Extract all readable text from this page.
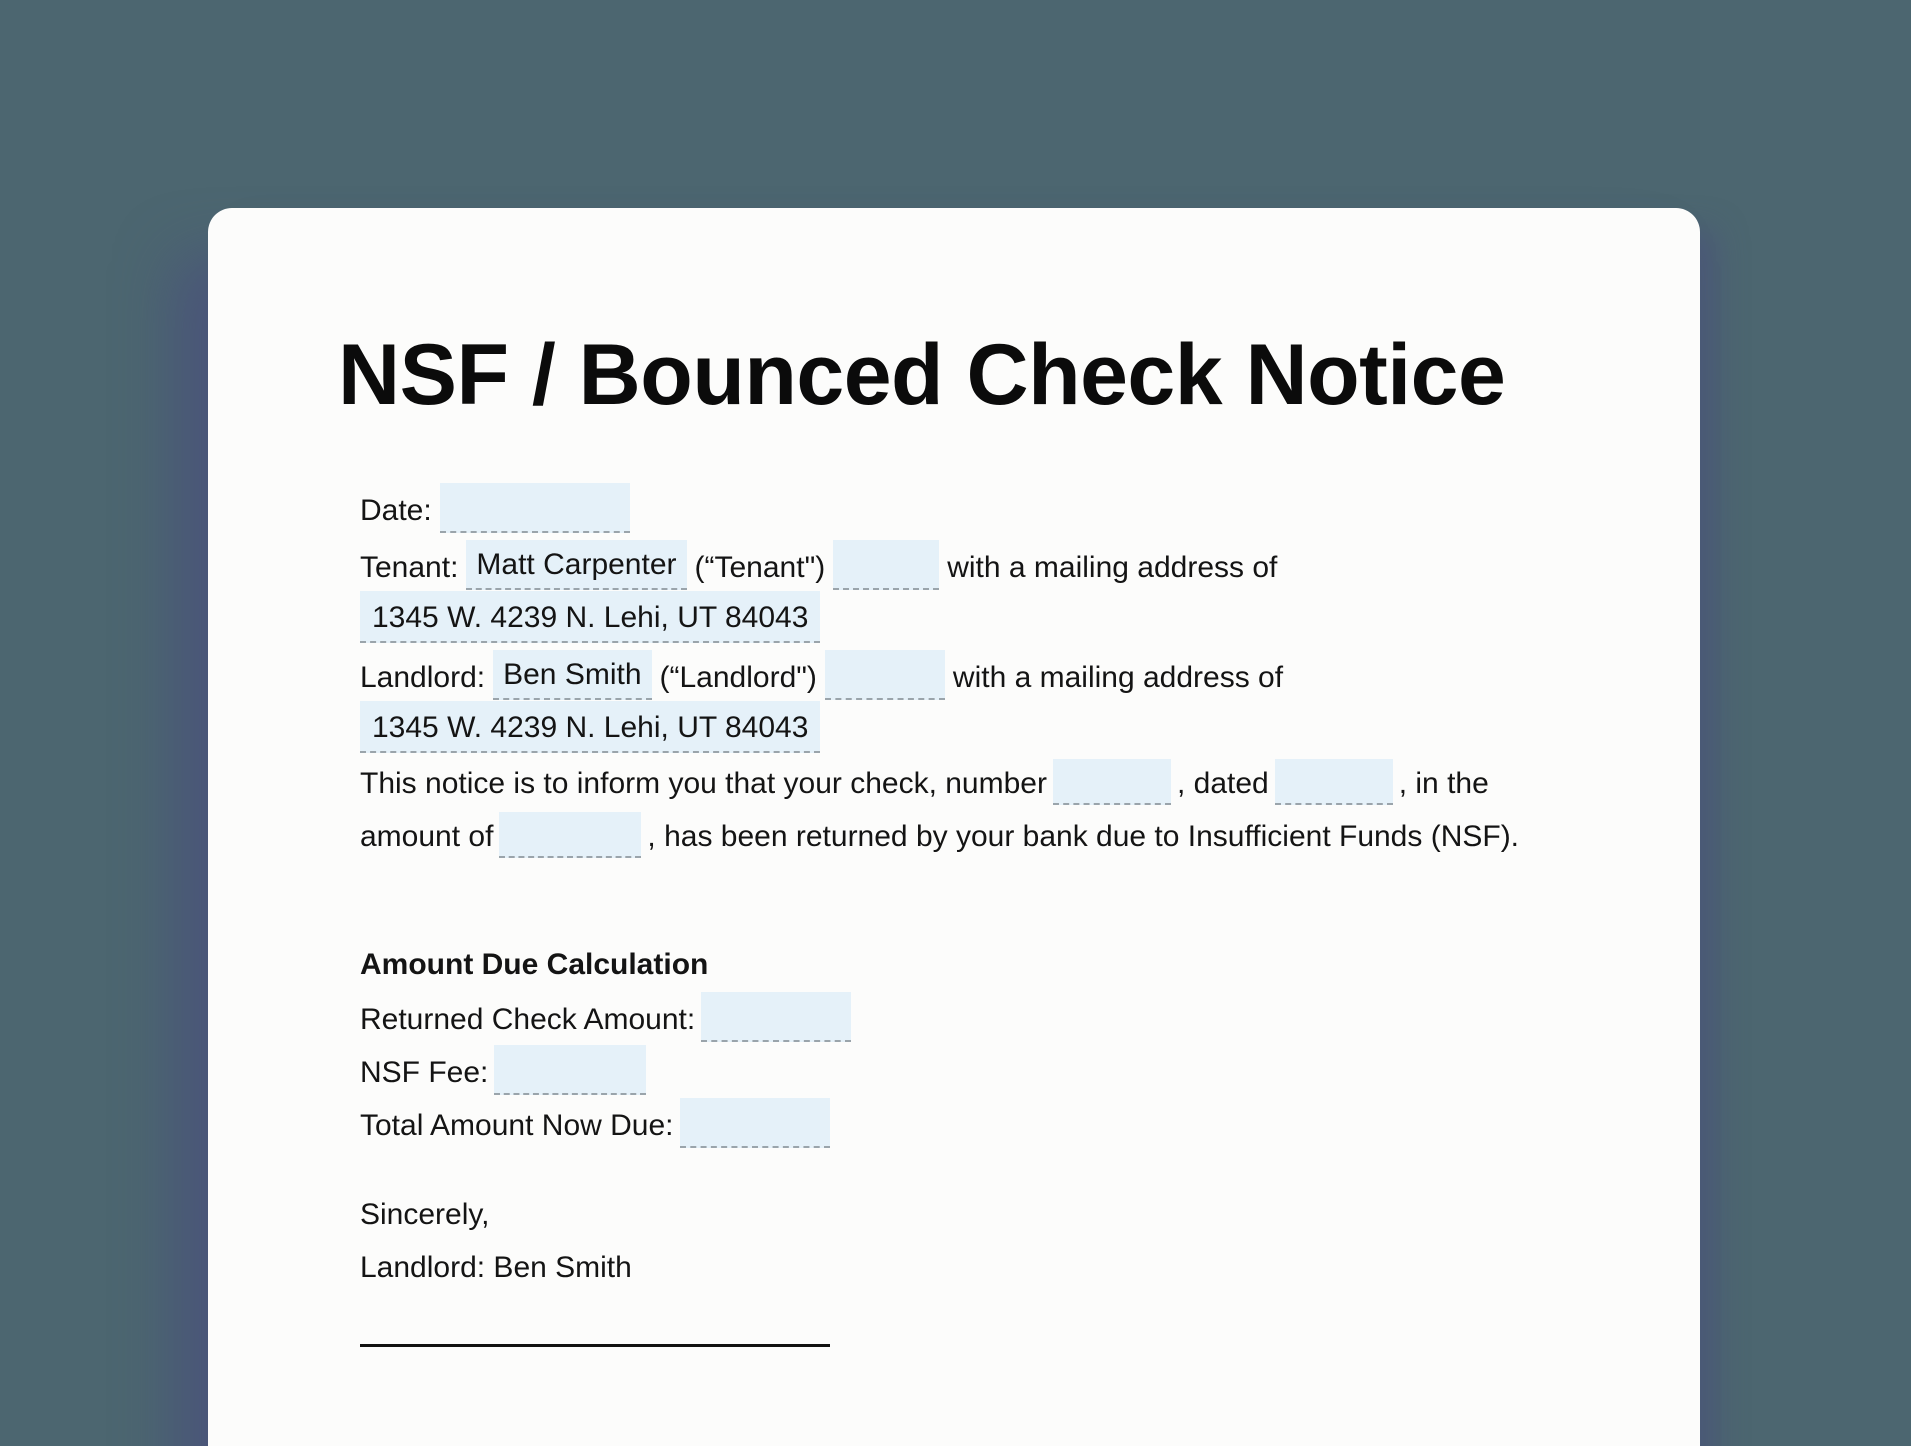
NSF / Bounced Check Notice
Date:
Tenant: Matt Carpenter (“Tenant")	with a mailing address of
1345 W. 4239 N. Lehi, UT 84043
Landlord: Ben Smith (“Landlord")	with a mailing address of
1345 W. 4239 N. Lehi, UT 84043
This notice is to inform you that your check, number	, dated	, in the amount of	, has been returned by your bank due to Insufficient Funds (NSF).
Amount Due Calculation
Returned Check Amount:
NSF Fee:
Total Amount Now Due:
Sincerely,
Landlord: Ben Smith
